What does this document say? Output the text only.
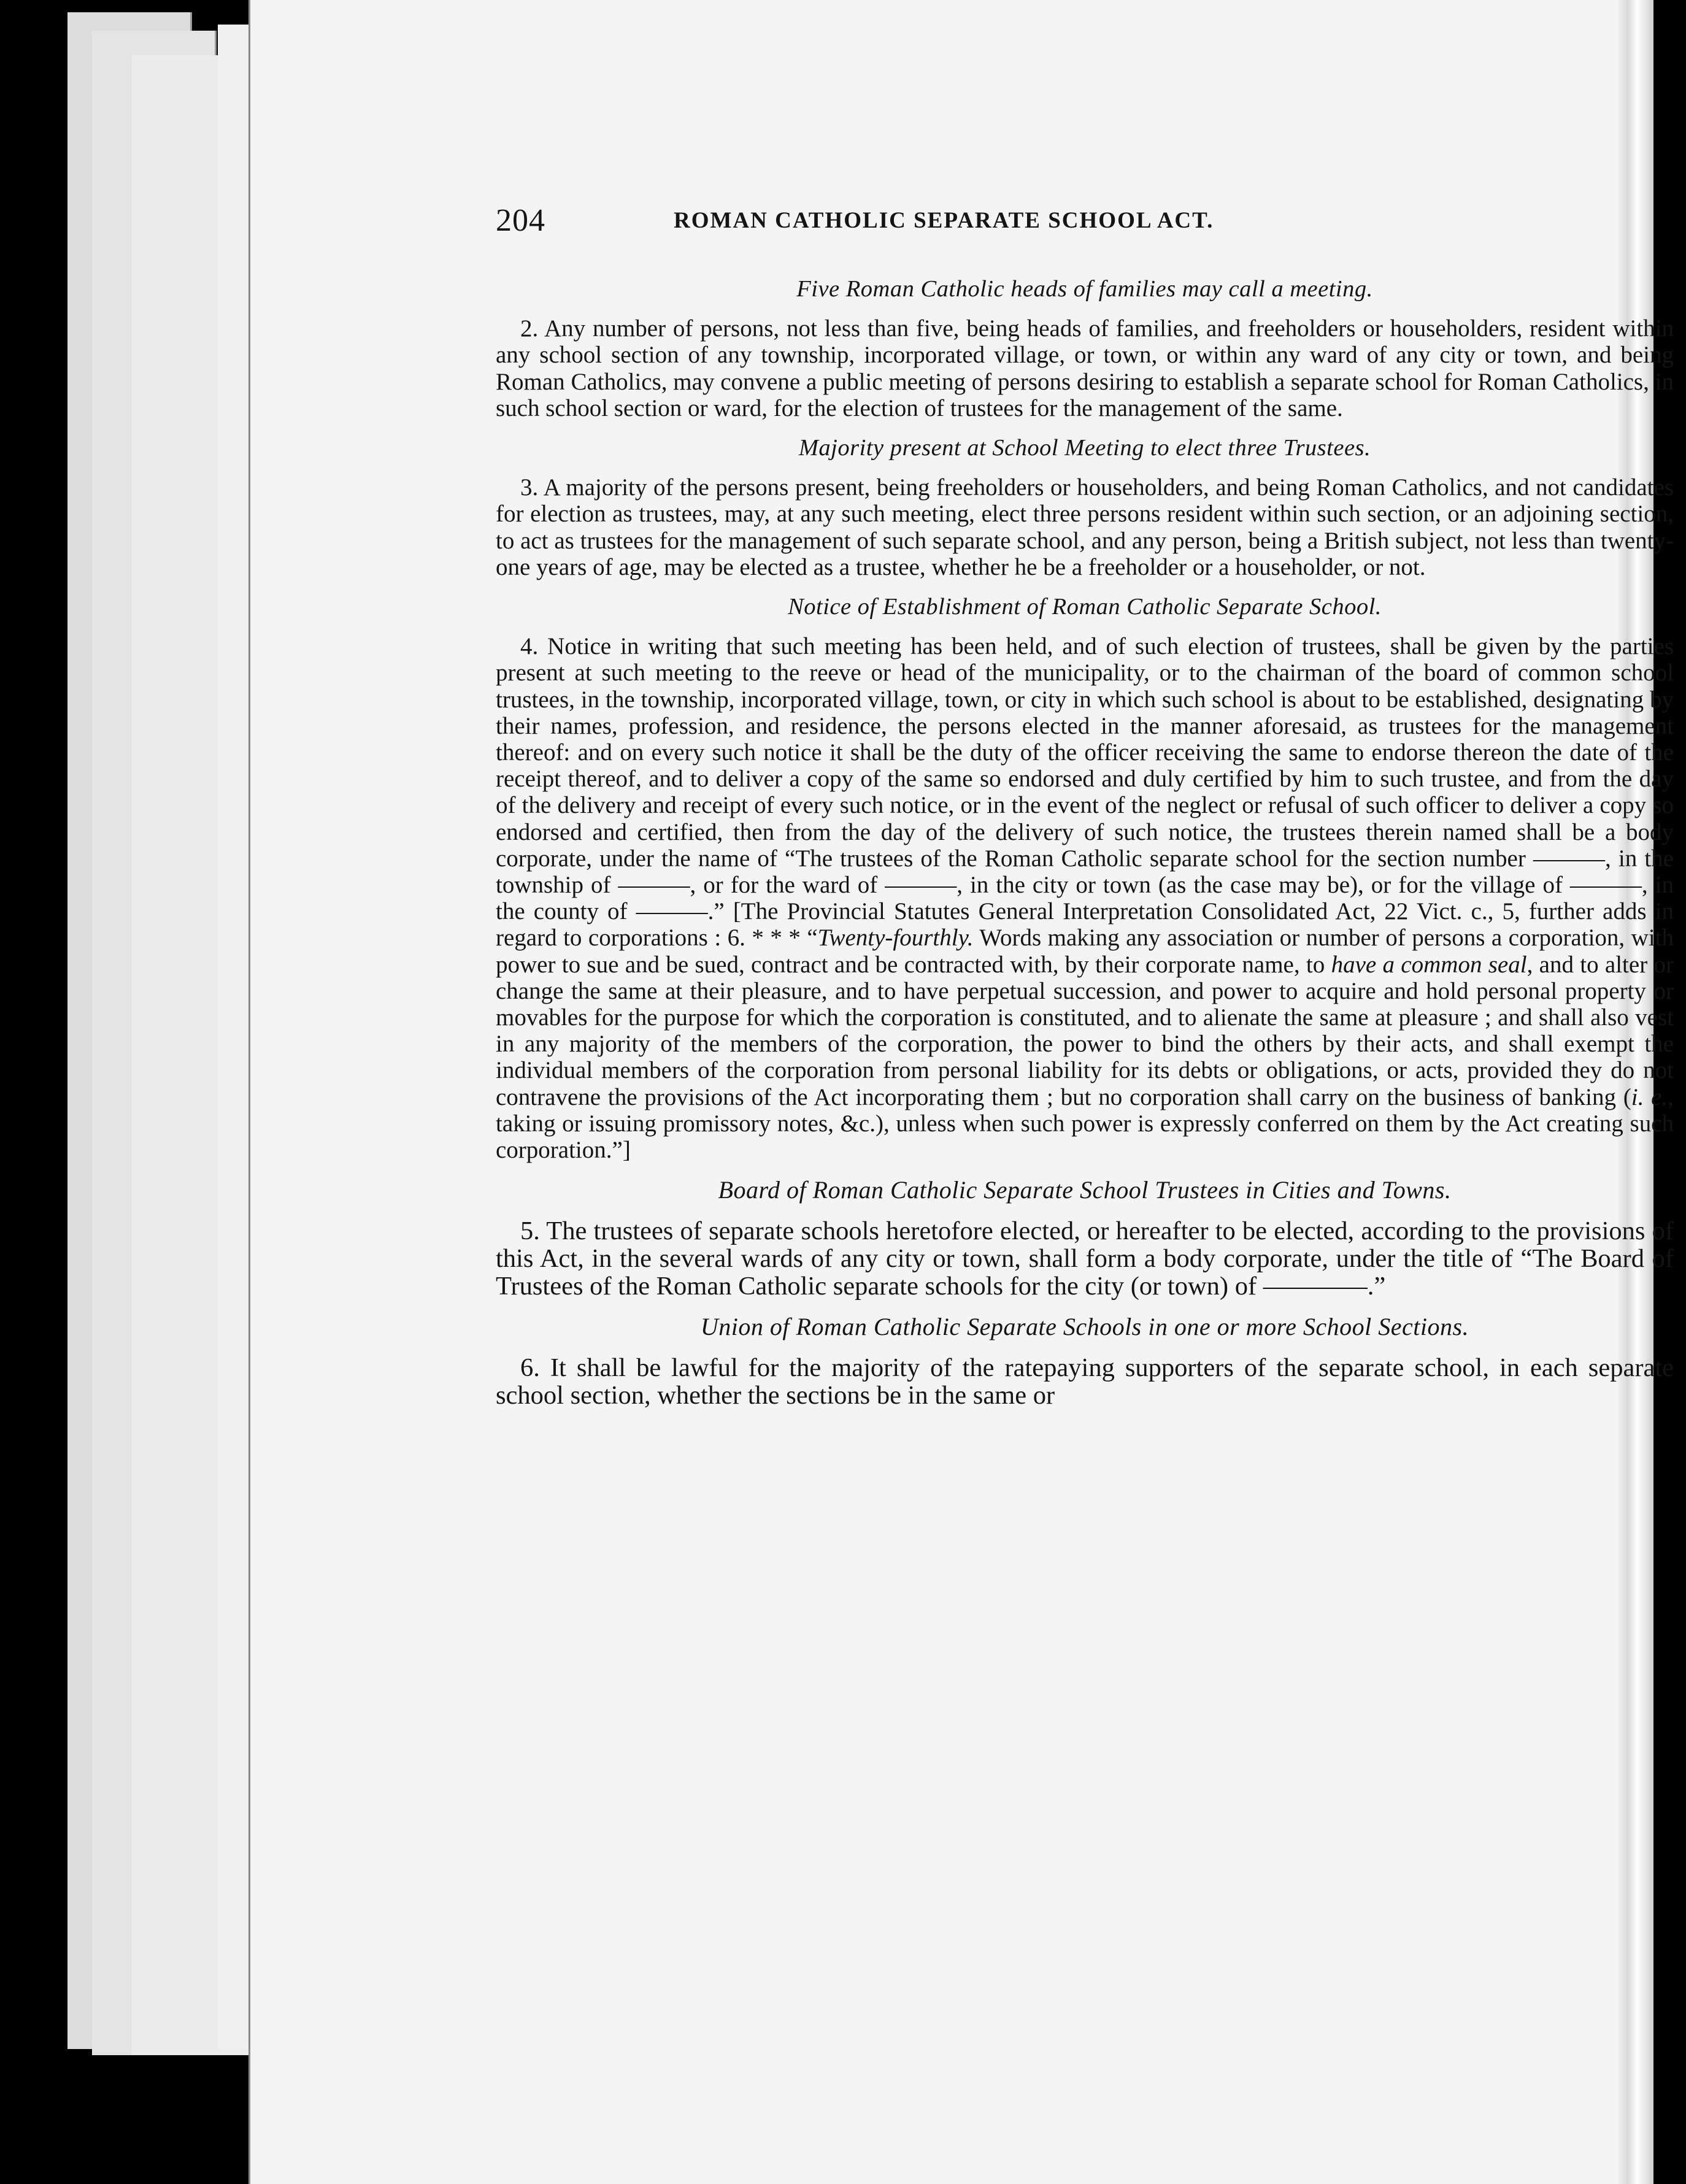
204	ROMAN CATHOLIC SEPARATE SCHOOL ACT.
Five Roman Catholic heads of families may call a meeting.

2. Any number of persons, not less than five, being heads of families, and freeholders or householders, resident within any school section of any township, incorporated village, or town, or within any ward of any city or town, and being Roman Catholics, may convene a public meeting of persons desiring to establish a separate school for Roman Catholics, in such school section or ward, for the election of trustees for the management of the same.

Majority present at School Meeting to elect three Trustees.

3. A majority of the persons present, being freeholders or householders, and being Roman Catholics, and not candidates for election as trustees, may, at any such meeting, elect three persons resident within such section, or an adjoining section, to act as trustees for the management of such separate school, and any person, being a British subject, not less than twenty-one years of age, may be elected as a trustee, whether he be a freeholder or a householder, or not.

Notice of Establishment of Roman Catholic Separate School.

4. Notice in writing that such meeting has been held, and of such election of trustees, shall be given by the parties present at such meeting to the reeve or head of the municipality, or to the chairman of the board of common school trustees, in the township, incorporated village, town, or city in which such school is about to be established, designating by their names, profession, and residence, the persons elected in the manner aforesaid, as trustees for the management thereof: and on every such notice it shall be the duty of the officer receiving the same to endorse thereon the date of the receipt thereof, and to deliver a copy of the same so endorsed and duly certified by him to such trustee, and from the day of the delivery and receipt of every such notice, or in the event of the neglect or refusal of such officer to deliver a copy so endorsed and certified, then from the day of the delivery of such notice, the trustees therein named shall be a body corporate, under the name of “The trustees of the Roman Catholic separate school for the section number ———, in the township of ———, or for the ward of ———, in the city or town (as the case may be), or for the village of ———, in the county of ———.” [The Provincial Statutes General Interpretation Consolidated Act, 22 Vict. c., 5, further adds in regard to corporations : 6. * * * “Twenty-fourthly. Words making any association or number of persons a corporation, with power to sue and be sued, contract and be contracted with, by their corporate name, to have a common seal, and to alter or change the same at their pleasure, and to have perpetual succession, and power to acquire and hold personal property or movables for the purpose for which the corporation is constituted, and to alienate the same at pleasure ; and shall also vest in any majority of the members of the corporation, the power to bind the others by their acts, and shall exempt the individual members of the corporation from personal liability for its debts or obligations, or acts, provided they do not contravene the provisions of the Act incorporating them ; but no corporation shall carry on the business of banking (i. e., taking or issuing promissory notes, &c.), unless when such power is expressly conferred on them by the Act creating such corporation.”]

Board of Roman Catholic Separate School Trustees in Cities and Towns.

5. The trustees of separate schools heretofore elected, or hereafter to be elected, according to the provisions of this Act, in the several wards of any city or town, shall form a body corporate, under the title of “The Board of Trustees of the Roman Catholic separate schools for the city (or town) of ————.”

Union of Roman Catholic Separate Schools in one or more School Sections.

6. It shall be lawful for the majority of the ratepaying supporters of the separate school, in each separate school section, whether the sections be in the same or
